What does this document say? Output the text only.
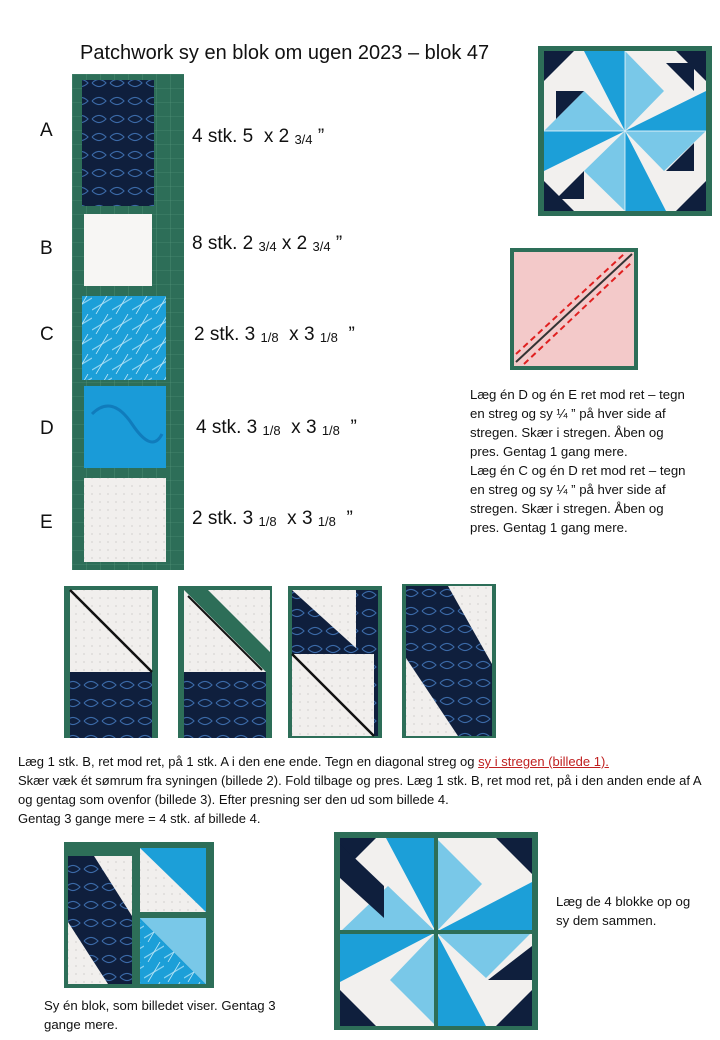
Patchwork sy en blok om ugen 2023 – blok 47
A
B
C
D
E
4 stk. 5 x 2 $_{3/4}$ ”
8 stk. 2 $_{3/4}$ x 2 $_{3/4}$ ”
2 stk. 3 $_{1/8}$ x 3 $_{1/8}$ ”
4 stk. 3 $_{1/8}$ x 3 $_{1/8}$ ”
2 stk. 3 $_{1/8}$ x 3 $_{1/8}$ ”

Læg én D og én E ret mod ret – tegn en streg og sy ¼ ” på hver side af stregen. Skær i stregen. Åben og pres. Gentag 1 gang mere.

Læg én C og én D ret mod ret – tegn en streg og sy ¼ ” på hver side af stregen. Skær i stregen. Åben og pres. Gentag 1 gang mere.

Læg 1 stk. B, ret mod ret, på 1 stk. A i den ene ende. Tegn en diagonal streg og sy i stregen (billede 1).

Skær væk ét sømrum fra syningen (billede 2). Fold tilbage og pres. Læg 1 stk. B, ret mod ret, på i den anden ende af A og gentag som ovenfor (billede 3). Efter presning ser den ud som billede 4.

Gentag 3 gange mere = 4 stk. af billede 4.

Sy én blok, som billedet viser. Gentag 3 gange mere.
Læg de 4 blokke op og sy dem sammen.
